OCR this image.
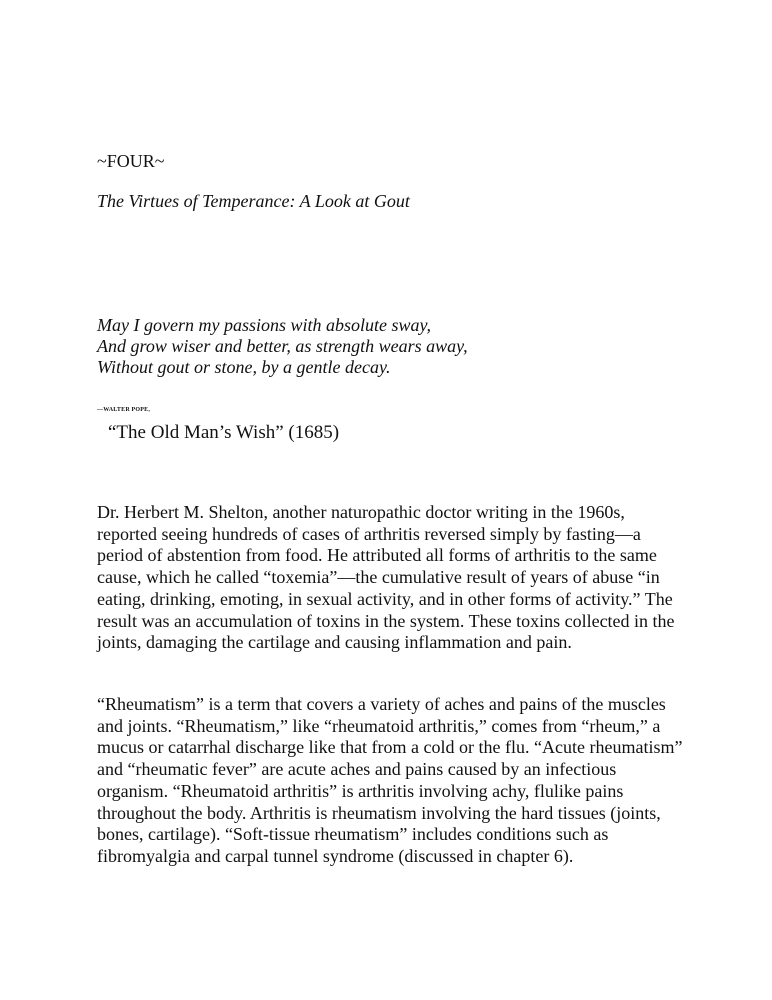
~FOUR~

The Virtues of Temperance: A Look at Gout

May I govern my passions with absolute sway,
And grow wiser and better, as strength wears away,
Without gout or stone, by a gentle decay.

—WALTER POPE,

“The Old Man’s Wish” (1685)

Dr. Herbert M. Shelton, another naturopathic doctor writing in the 1960s, reported seeing hundreds of cases of arthritis reversed simply by fasting—a period of abstention from food. He attributed all forms of arthritis to the same cause, which he called “toxemia”—the cumulative result of years of abuse “in eating, drinking, emoting, in sexual activity, and in other forms of activity.” The result was an accumulation of toxins in the system. These toxins collected in the joints, damaging the cartilage and causing inflammation and pain.

“Rheumatism” is a term that covers a variety of aches and pains of the muscles and joints. “Rheumatism,” like “rheumatoid arthritis,” comes from “rheum,” a mucus or catarrhal discharge like that from a cold or the flu. “Acute rheumatism” and “rheumatic fever” are acute aches and pains caused by an infectious organism. “Rheumatoid arthritis” is arthritis involving achy, flulike pains throughout the body. Arthritis is rheumatism involving the hard tissues (joints, bones, cartilage). “Soft-tissue rheumatism” includes conditions such as fibromyalgia and carpal tunnel syndrome (discussed in chapter 6).
